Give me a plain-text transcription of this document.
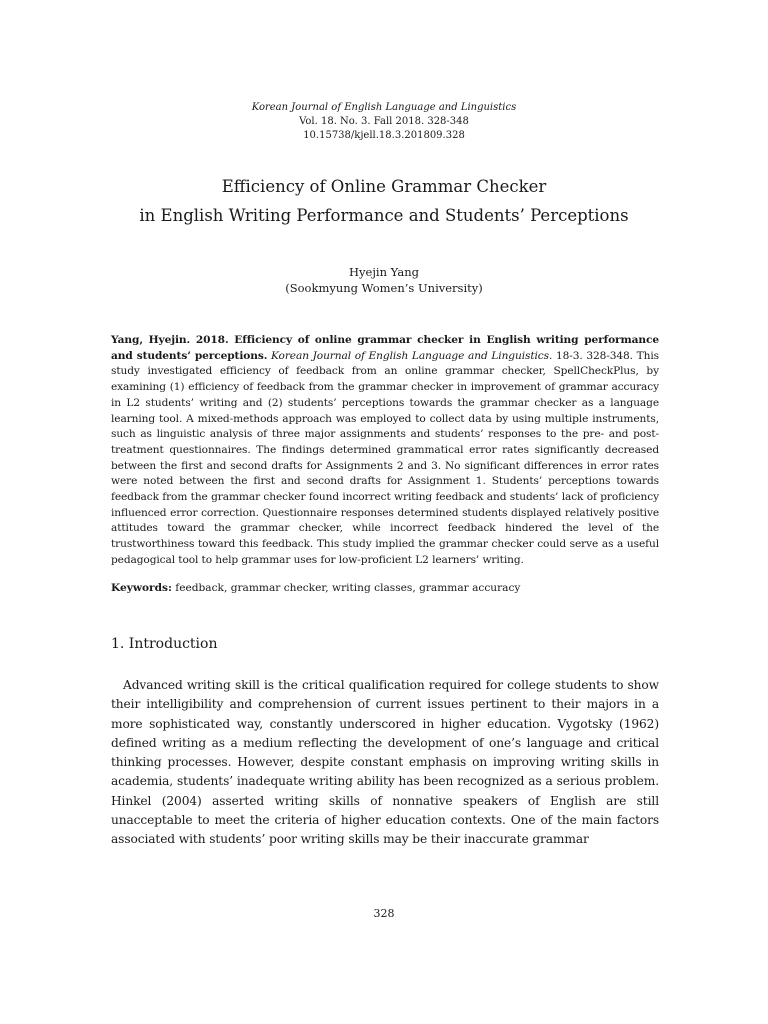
Korean Journal of English Language and Linguistics
Vol. 18. No. 3. Fall 2018. 328-348
10.15738/kjell.18.3.201809.328
Efficiency of Online Grammar Checker
in English Writing Performance and Students’ Perceptions
Hyejin Yang
(Sookmyung Women’s University)
Yang, Hyejin. 2018. Efficiency of online grammar checker in English writing performance and students’ perceptions. Korean Journal of English Language and Linguistics. 18-3. 328-348. This study investigated efficiency of feedback from an online grammar checker, SpellCheckPlus, by examining (1) efficiency of feedback from the grammar checker in improvement of grammar accuracy in L2 students’ writing and (2) students’ perceptions towards the grammar checker as a language learning tool. A mixed-methods approach was employed to collect data by using multiple instruments, such as linguistic analysis of three major assignments and students’ responses to the pre- and post-treatment questionnaires. The findings determined grammatical error rates significantly decreased between the first and second drafts for Assignments 2 and 3. No significant differences in error rates were noted between the first and second drafts for Assignment 1. Students’ perceptions towards feedback from the grammar checker found incorrect writing feedback and students’ lack of proficiency influenced error correction. Questionnaire responses determined students displayed relatively positive attitudes toward the grammar checker, while incorrect feedback hindered the level of the trustworthiness toward this feedback. This study implied the grammar checker could serve as a useful pedagogical tool to help grammar uses for low-proficient L2 learners’ writing.
Keywords: feedback, grammar checker, writing classes, grammar accuracy
1. Introduction
Advanced writing skill is the critical qualification required for college students to show their intelligibility and comprehension of current issues pertinent to their majors in a more sophisticated way, constantly underscored in higher education. Vygotsky (1962) defined writing as a medium reflecting the development of one’s language and critical thinking processes. However, despite constant emphasis on improving writing skills in academia, students’ inadequate writing ability has been recognized as a serious problem. Hinkel (2004) asserted writing skills of nonnative speakers of English are still unacceptable to meet the criteria of higher education contexts. One of the main factors associated with students’ poor writing skills may be their inaccurate grammar
328
